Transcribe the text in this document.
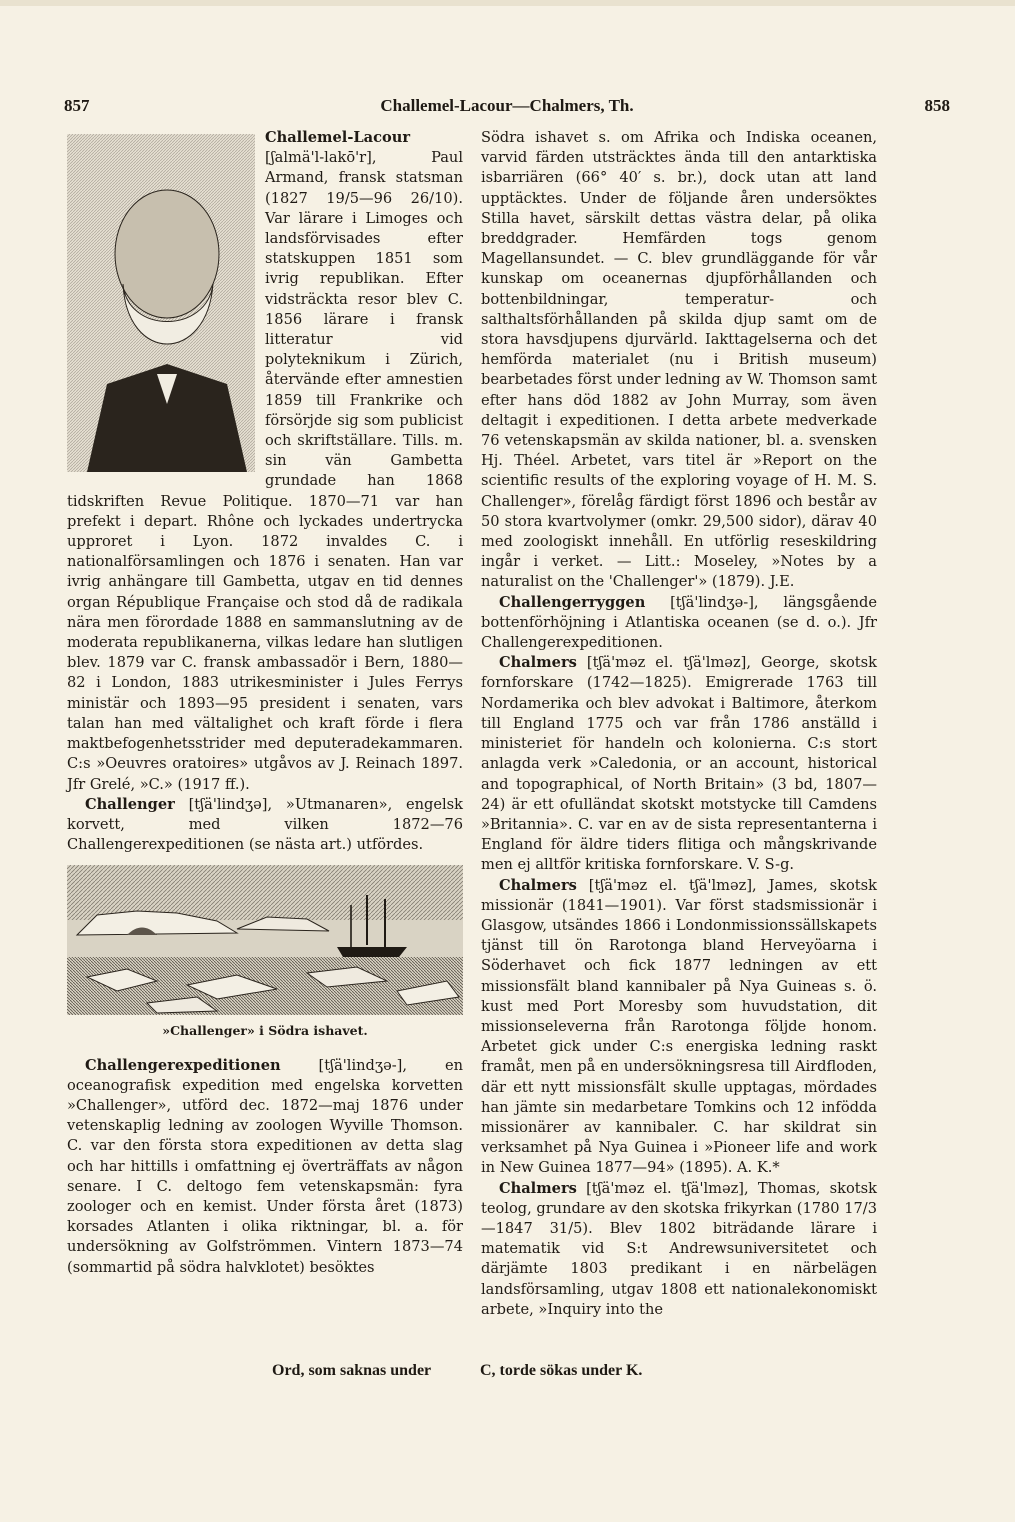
857	Challemel-Lacour—Chalmers, Th.	858

Challemel-Lacour [ʃalmä'l-lakō'r], Paul Armand, fransk statsman (1827 19/5—96 26/10). Var lärare i Limoges och landsförvisades efter statskuppen 1851 som ivrig republikan. Efter vidsträckta resor blev C. 1856 lärare i fransk litteratur vid polyteknikum i Zürich, återvände efter amnestien 1859 till Frankrike och försörjde sig som publicist och skriftställare. Tills. m. sin vän Gambetta grundade han 1868 tidskriften Revue Politique. 1870—71 var han prefekt i depart. Rhône och lyckades undertrycka upproret i Lyon. 1872 invaldes C. i nationalförsamlingen och 1876 i senaten. Han var ivrig anhängare till Gambetta, utgav en tid dennes organ République Française och stod då de radikala nära men förordade 1888 en sammanslutning av de moderata republikanerna, vilkas ledare han slutligen blev. 1879 var C. fransk ambassadör i Bern, 1880—82 i London, 1883 utrikesminister i Jules Ferrys ministär och 1893—95 president i senaten, vars talan han med vältalighet och kraft förde i flera maktbefogenhetsstrider med deputeradekammaren. C:s »Oeuvres oratoires» utgåvos av J. Reinach 1897. Jfr Grelé, »C.» (1917 ff.).

Challenger [tʃä'lindʒə], »Utmanaren», engelsk korvett, med vilken 1872—76 Challengerexpeditionen (se nästa art.) utfördes.

»Challenger» i Södra ishavet.

Challengerexpeditionen [tʃä'lindʒə-], en oceanografisk expedition med engelska korvetten »Challenger», utförd dec. 1872—maj 1876 under vetenskaplig ledning av zoologen Wyville Thomson. C. var den första stora expeditionen av detta slag och har hittills i omfattning ej överträffats av någon senare. I C. deltogo fem vetenskapsmän: fyra zoologer och en kemist. Under första året (1873) korsades Atlanten i olika riktningar, bl. a. för undersökning av Golfströmmen. Vintern 1873—74 (sommartid på södra halvklotet) besöktes

Södra ishavet s. om Afrika och Indiska oceanen, varvid färden utsträcktes ända till den antarktiska isbarriären (66° 40′ s. br.), dock utan att land upptäcktes. Under de följande åren undersöktes Stilla havet, särskilt dettas västra delar, på olika breddgrader. Hemfärden togs genom Magellansundet. — C. blev grundläggande för vår kunskap om oceanernas djupförhållanden och bottenbildningar, temperatur- och salthaltsförhållanden på skilda djup samt om de stora havsdjupens djurvärld. Iakttagelserna och det hemförda materialet (nu i British museum) bearbetades först under ledning av W. Thomson samt efter hans död 1882 av John Murray, som även deltagit i expeditionen. I detta arbete medverkade 76 vetenskapsmän av skilda nationer, bl. a. svensken Hj. Théel. Arbetet, vars titel är »Report on the scientific results of the exploring voyage of H. M. S. Challenger», förelåg färdigt först 1896 och består av 50 stora kvartvolymer (omkr. 29,500 sidor), därav 40 med zoologiskt innehåll. En utförlig reseskildring ingår i verket. — Litt.: Moseley, »Notes by a naturalist on the 'Challenger'» (1879). J.E.

Challengerryggen [tʃä'lindʒə-], längsgående bottenförhöjning i Atlantiska oceanen (se d. o.). Jfr Challengerexpeditionen.

Chalmers [tʃä'məz el. tʃä'lməz], George, skotsk fornforskare (1742—1825). Emigrerade 1763 till Nordamerika och blev advokat i Baltimore, återkom till England 1775 och var från 1786 anställd i ministeriet för handeln och kolonierna. C:s stort anlagda verk »Caledonia, or an account, historical and topographical, of North Britain» (3 bd, 1807—24) är ett ofulländat skotskt motstycke till Camdens »Britannia». C. var en av de sista representanterna i England för äldre tiders flitiga och mångskrivande men ej alltför kritiska fornforskare. V. S-g.

Chalmers [tʃä'məz el. tʃä'lməz], James, skotsk missionär (1841—1901). Var först stadsmissionär i Glasgow, utsändes 1866 i Londonmissionssällskapets tjänst till ön Rarotonga bland Herveyöarna i Söderhavet och fick 1877 ledningen av ett missionsfält bland kannibaler på Nya Guineas s. ö. kust med Port Moresby som huvudstation, dit missionseleverna från Rarotonga följde honom. Arbetet gick under C:s energiska ledning raskt framåt, men på en undersökningsresa till Airdfloden, där ett nytt missionsfält skulle upptagas, mördades han jämte sin medarbetare Tomkins och 12 infödda missionärer av kannibaler. C. har skildrat sin verksamhet på Nya Guinea i »Pioneer life and work in New Guinea 1877—94» (1895). A. K.*

Chalmers [tʃä'məz el. tʃä'lməz], Thomas, skotsk teolog, grundare av den skotska frikyrkan (1780 17/3—1847 31/5). Blev 1802 biträdande lärare i matematik vid S:t Andrewsuniversitetet och därjämte 1803 predikant i en närbelägen landsförsamling, utgav 1808 ett nationalekonomiskt arbete, »Inquiry into the

Ord, som saknas under	C, torde sökas under K.
